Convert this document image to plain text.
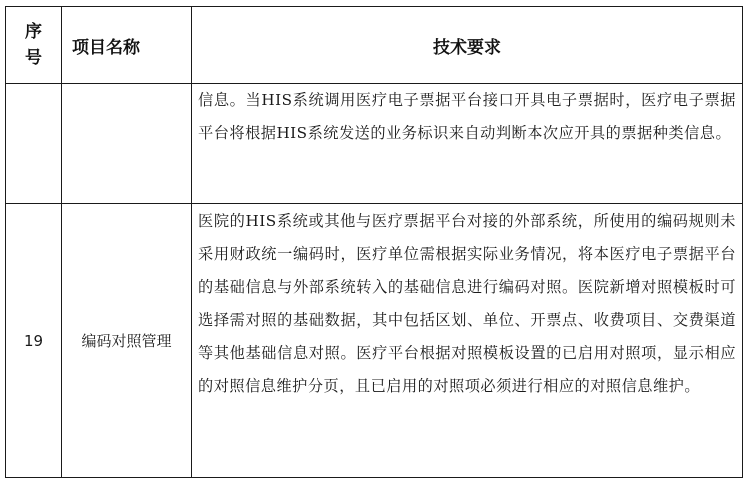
序
号	项目名称	技术要求

		信息。当HIS系统调用医疗电子票据平台接口开具电子票据时，医疗电子票据平台将根据HIS系统发送的业务标识来自动判断本次应开具的票据种类信息。

19	编码对照管理	医院的HIS系统或其他与医疗票据平台对接的外部系统，所使用的编码规则未采用财政统一编码时，医疗单位需根据实际业务情况，将本医疗电子票据平台的基础信息与外部系统转入的基础信息进行编码对照。医院新增对照模板时可选择需对照的基础数据，其中包括区划、单位、开票点、收费项目、交费渠道等其他基础信息对照。医疗平台根据对照模板设置的已启用对照项，显示相应的对照信息维护分页，且已启用的对照项必须进行相应的对照信息维护。
